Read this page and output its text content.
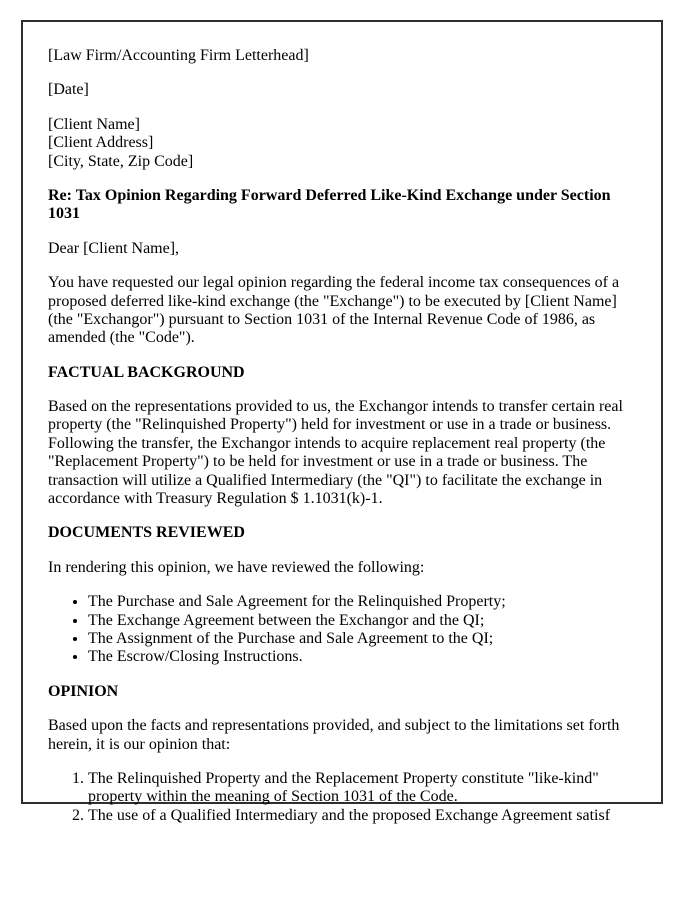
[Law Firm/Accounting Firm Letterhead]

[Date]

[Client Name]
[Client Address]
[City, State, Zip Code]

Re: Tax Opinion Regarding Forward Deferred Like-Kind Exchange under Section 1031

Dear [Client Name],

You have requested our legal opinion regarding the federal income tax consequences of a proposed deferred like-kind exchange (the "Exchange") to be executed by [Client Name] (the "Exchangor") pursuant to Section 1031 of the Internal Revenue Code of 1986, as amended (the "Code").

FACTUAL BACKGROUND

Based on the representations provided to us, the Exchangor intends to transfer certain real property (the "Relinquished Property") held for investment or use in a trade or business. Following the transfer, the Exchangor intends to acquire replacement real property (the "Replacement Property") to be held for investment or use in a trade or business. The transaction will utilize a Qualified Intermediary (the "QI") to facilitate the exchange in accordance with Treasury Regulation $ 1.1031(k)-1.

DOCUMENTS REVIEWED

In rendering this opinion, we have reviewed the following:

• The Purchase and Sale Agreement for the Relinquished Property;
• The Exchange Agreement between the Exchangor and the QI;
• The Assignment of the Purchase and Sale Agreement to the QI;
• The Escrow/Closing Instructions.

OPINION

Based upon the facts and representations provided, and subject to the limitations set forth herein, it is our opinion that:

1. The Relinquished Property and the Replacement Property constitute "like-kind" property within the meaning of Section 1031 of the Code.
2. The use of a Qualified Intermediary and the proposed Exchange Agreement satisf
